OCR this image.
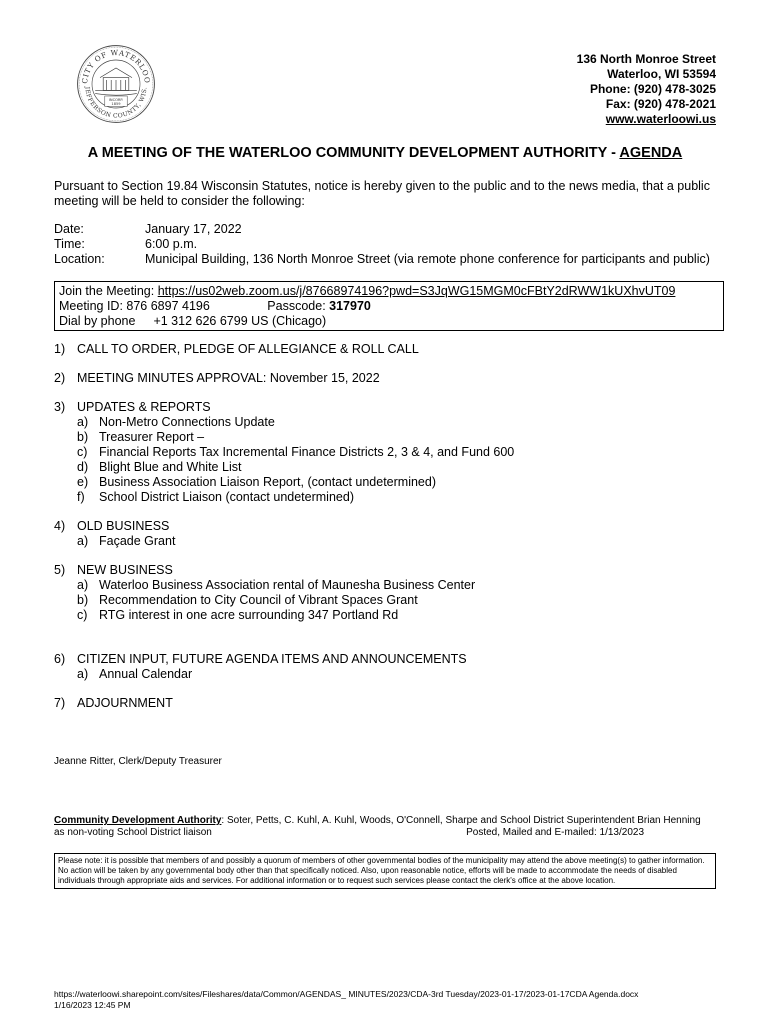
CITY OF WATERLOO
JEFFERSON COUNTY, WIS.
INCORP.
1859
136 North Monroe Street
Waterloo, WI 53594
Phone: (920) 478-3025
Fax: (920) 478-2021
www.waterloowi.us
A MEETING OF THE WATERLOO COMMUNITY DEVELOPMENT AUTHORITY - AGENDA
Pursuant to Section 19.84 Wisconsin Statutes, notice is hereby given to the public and to the news media, that a public meeting will be held to consider the following:
Date:	January 17, 2022
Time:	6:00 p.m.
Location:	Municipal Building, 136 North Monroe Street (via remote phone conference for participants and public)
Join the Meeting: https://us02web.zoom.us/j/87668974196?pwd=S3JqWG15MGM0cFBtY2dRWW1kUXhvUT09
Meeting ID: 876 6897 4196	Passcode: 317970
Dial by phone +1 312 626 6799 US (Chicago)
1) CALL TO ORDER, PLEDGE OF ALLEGIANCE & ROLL CALL
2) MEETING MINUTES APPROVAL: November 15, 2022
3) UPDATES & REPORTS
a) Non-Metro Connections Update
b) Treasurer Report –
c) Financial Reports Tax Incremental Finance Districts 2, 3 & 4, and Fund 600
d) Blight Blue and White List
e) Business Association Liaison Report, (contact undetermined)
f)	School District Liaison (contact undetermined)
4) OLD BUSINESS
a) Façade Grant
5) NEW BUSINESS
a) Waterloo Business Association rental of Maunesha Business Center
b) Recommendation to City Council of Vibrant Spaces Grant
c) RTG interest in one acre surrounding 347 Portland Rd
6) CITIZEN INPUT, FUTURE AGENDA ITEMS AND ANNOUNCEMENTS
a) Annual Calendar
7) ADJOURNMENT
Jeanne Ritter, Clerk/Deputy Treasurer
Community Development Authority: Soter, Petts, C. Kuhl, A. Kuhl, Woods, O'Connell, Sharpe and School District Superintendent Brian Henning
as non-voting School District liaison	Posted, Mailed and E-mailed: 1/13/2023
Please note: it is possible that members of and possibly a quorum of members of other governmental bodies of the municipality may attend the above meeting(s) to gather information. No action will be taken by any governmental body other than that specifically noticed. Also, upon reasonable notice, efforts will be made to accommodate the needs of disabled individuals through appropriate aids and services. For additional information or to request such services please contact the clerk's office at the above location.
https://waterloowi.sharepoint.com/sites/Fileshares/data/Common/AGENDAS_ MINUTES/2023/CDA-3rd Tuesday/2023-01-17/2023-01-17CDA Agenda.docx
1/16/2023 12:45 PM
